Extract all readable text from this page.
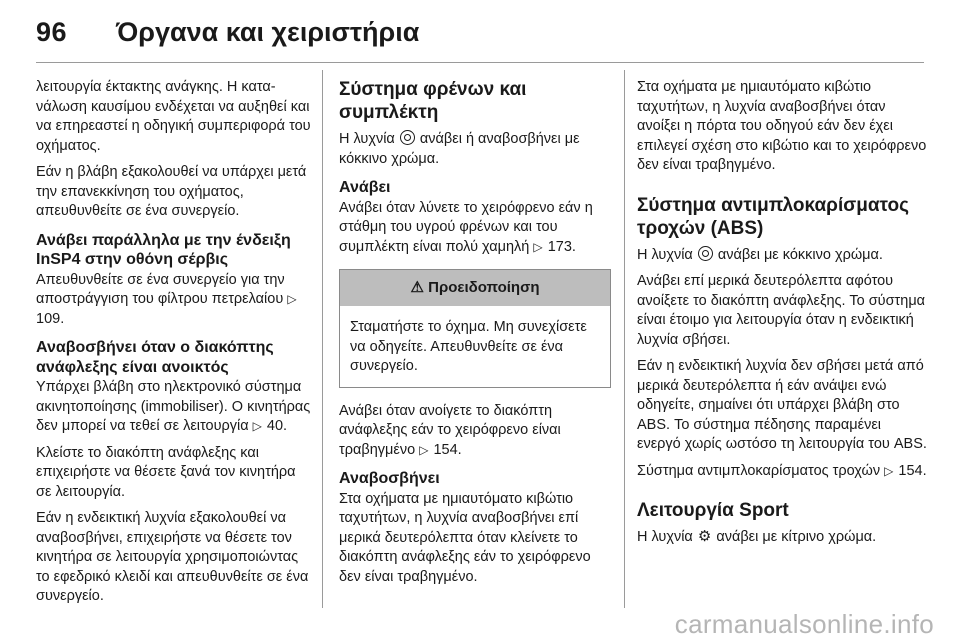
96 Όργανα και χειριστήρια

λειτουργία έκτακτης ανάγκης. Η κατανάλωση καυσίμου ενδέχεται να αυξηθεί και να επηρεαστεί η οδηγική συμπεριφορά του οχήματος.

Εάν η βλάβη εξακολουθεί να υπάρχει μετά την επανεκκίνηση του οχήματος, απευθυνθείτε σε ένα συνεργείο.

Ανάβει παράλληλα με την ένδειξη InSP4 στην οθόνη σέρβις

Απευθυνθείτε σε ένα συνεργείο για την αποστράγγιση του φίλτρου πετρελαίου ▷ 109.

Αναβοσβήνει όταν ο διακόπτης ανάφλεξης είναι ανοικτός

Υπάρχει βλάβη στο ηλεκτρονικό σύστημα ακινητοποίησης (immobiliser). Ο κινητήρας δεν μπορεί να τεθεί σε λειτουργία ▷ 40.

Κλείστε το διακόπτη ανάφλεξης και επιχειρήστε να θέσετε ξανά τον κινητήρα σε λειτουργία.

Εάν η ενδεικτική λυχνία εξακολουθεί να αναβοσβήνει, επιχειρήστε να θέσετε τον κινητήρα σε λειτουργία χρησιμοποιώντας το εφεδρικό κλειδί και απευθυνθείτε σε ένα συνεργείο.

Σύστημα φρένων και συμπλέκτη

Η λυχνία ανάβει ή αναβοσβήνει με κόκκινο χρώμα.

Ανάβει

Ανάβει όταν λύνετε το χειρόφρενο εάν η στάθμη του υγρού φρένων και του συμπλέκτη είναι πολύ χαμηλή ▷ 173.

⚠ Προειδοποίηση
Σταματήστε το όχημα. Μη συνεχίσετε να οδηγείτε. Απευθυνθείτε σε ένα συνεργείο.

Ανάβει όταν ανοίγετε το διακόπτη ανάφλεξης εάν το χειρόφρενο είναι τραβηγμένο ▷ 154.

Αναβοσβήνει

Στα οχήματα με ημιαυτόματο κιβώτιο ταχυτήτων, η λυχνία αναβοσβήνει επί μερικά δευτερόλεπτα όταν κλείνετε το διακόπτη ανάφλεξης εάν το χειρόφρενο δεν είναι τραβηγμένο.

Στα οχήματα με ημιαυτόματο κιβώτιο ταχυτήτων, η λυχνία αναβοσβήνει όταν ανοίξει η πόρτα του οδηγού εάν δεν έχει επιλεγεί σχέση στο κιβώτιο και το χειρόφρενο δεν είναι τραβηγμένο.

Σύστημα αντιμπλοκαρίσματος τροχών (ABS)

Η λυχνία ανάβει με κόκκινο χρώμα.

Ανάβει επί μερικά δευτερόλεπτα αφότου ανοίξετε το διακόπτη ανάφλεξης. Το σύστημα είναι έτοιμο για λειτουργία όταν η ενδεικτική λυχνία σβήσει.

Εάν η ενδεικτική λυχνία δεν σβήσει μετά από μερικά δευτερόλεπτα ή εάν ανάψει ενώ οδηγείτε, σημαίνει ότι υπάρχει βλάβη στο ABS. Το σύστημα πέδησης παραμένει ενεργό χωρίς ωστόσο τη λειτουργία του ABS.

Σύστημα αντιμπλοκαρίσματος τροχών ▷ 154.

Λειτουργία Sport

Η λυχνία ⚙ ανάβει με κίτρινο χρώμα.

carmanualsonline.info
